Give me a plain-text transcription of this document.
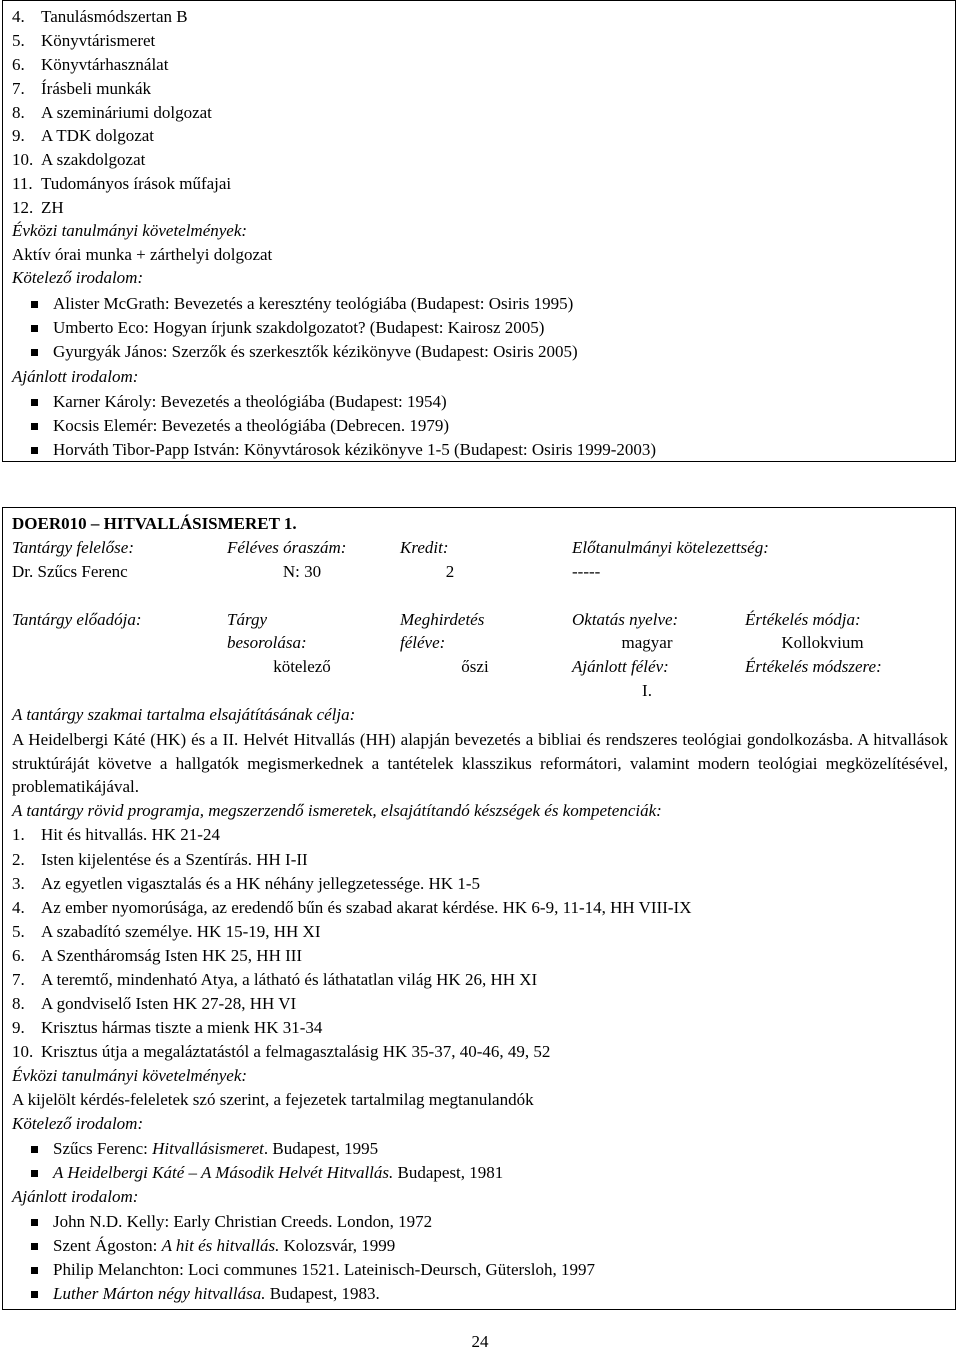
4. Tanulásmódszertan B
5. Könyvtárismeret
6. Könyvtárhasználat
7. Írásbeli munkák
8. A szemináriumi dolgozat
9. A TDK dolgozat
10. A szakdolgozat
11. Tudományos írások műfajai
12. ZH
Évközi tanulmányi követelmények:
Aktív órai munka + zárthelyi dolgozat
Kötelező irodalom:
Alister McGrath: Bevezetés a keresztény teológiába (Budapest: Osiris 1995)
Umberto Eco: Hogyan írjunk szakdolgozatot? (Budapest: Kairosz 2005)
Gyurgyák János: Szerzők és szerkesztők kézikönyve (Budapest: Osiris 2005)
Ajánlott irodalom:
Karner Károly: Bevezetés a theológiába (Budapest: 1954)
Kocsis Elemér: Bevezetés a theológiába (Debrecen. 1979)
Horváth Tibor-Papp István: Könyvtárosok kézikönyve 1-5 (Budapest: Osiris 1999-2003)
DOER010 – HITVALLÁSISMERET 1.
Tantárgy felelőse:
Dr. Szűcs Ferenc
Féléves óraszám:
N: 30
Kredit:
2
Előtanulmányi kötelezettség:
-----
Tantárgy előadója:	Tárgy
besorolása:
kötelező
Meghirdetés
féléve:
őszi
Oktatás nyelve:
magyar
Ajánlott félév:
I.
Értékelés módja:
Kollokvium
Értékelés módszere:
A tantárgy szakmai tartalma elsajátításának célja:
A Heidelbergi Káté (HK) és a II. Helvét Hitvallás (HH) alapján bevezetés a bibliai és rendszeres teológiai gondolkozásba. A hitvallások struktúráját követve a hallgatók megismerkednek a tantételek klasszikus reformátori, valamint modern teológiai megközelítésével, problematikájával.
A tantárgy rövid programja, megszerzendő ismeretek, elsajátítandó készségek és kompetenciák:
1. Hit és hitvallás. HK 21-24
2. Isten kijelentése és a Szentírás. HH I-II
3. Az egyetlen vigasztalás és a HK néhány jellegzetessége. HK 1-5
4. Az ember nyomorúsága, az eredendő bűn és szabad akarat kérdése. HK 6-9, 11-14, HH VIII-IX
5. A szabadító személye. HK 15-19, HH XI
6. A Szentháromság Isten HK 25, HH III
7. A teremtő, mindenható Atya, a látható és láthatatlan világ HK 26, HH XI
8. A gondviselő Isten HK 27-28, HH VI
9. Krisztus hármas tiszte a mienk HK 31-34
10. Krisztus útja a megaláztatástól a felmagasztalásig HK 35-37, 40-46, 49, 52
Évközi tanulmányi követelmények:
A kijelölt kérdés-feleletek szó szerint, a fejezetek tartalmilag megtanulandók
Kötelező irodalom:
Szűcs Ferenc: Hitvallásismeret. Budapest, 1995
A Heidelbergi Káté – A Második Helvét Hitvallás. Budapest, 1981
Ajánlott irodalom:
John N.D. Kelly: Early Christian Creeds. London, 1972
Szent Ágoston: A hit és hitvallás. Kolozsvár, 1999
Philip Melanchton: Loci communes 1521. Lateinisch-Deursch, Gütersloh, 1997
Luther Márton négy hitvallása. Budapest, 1983.
24
